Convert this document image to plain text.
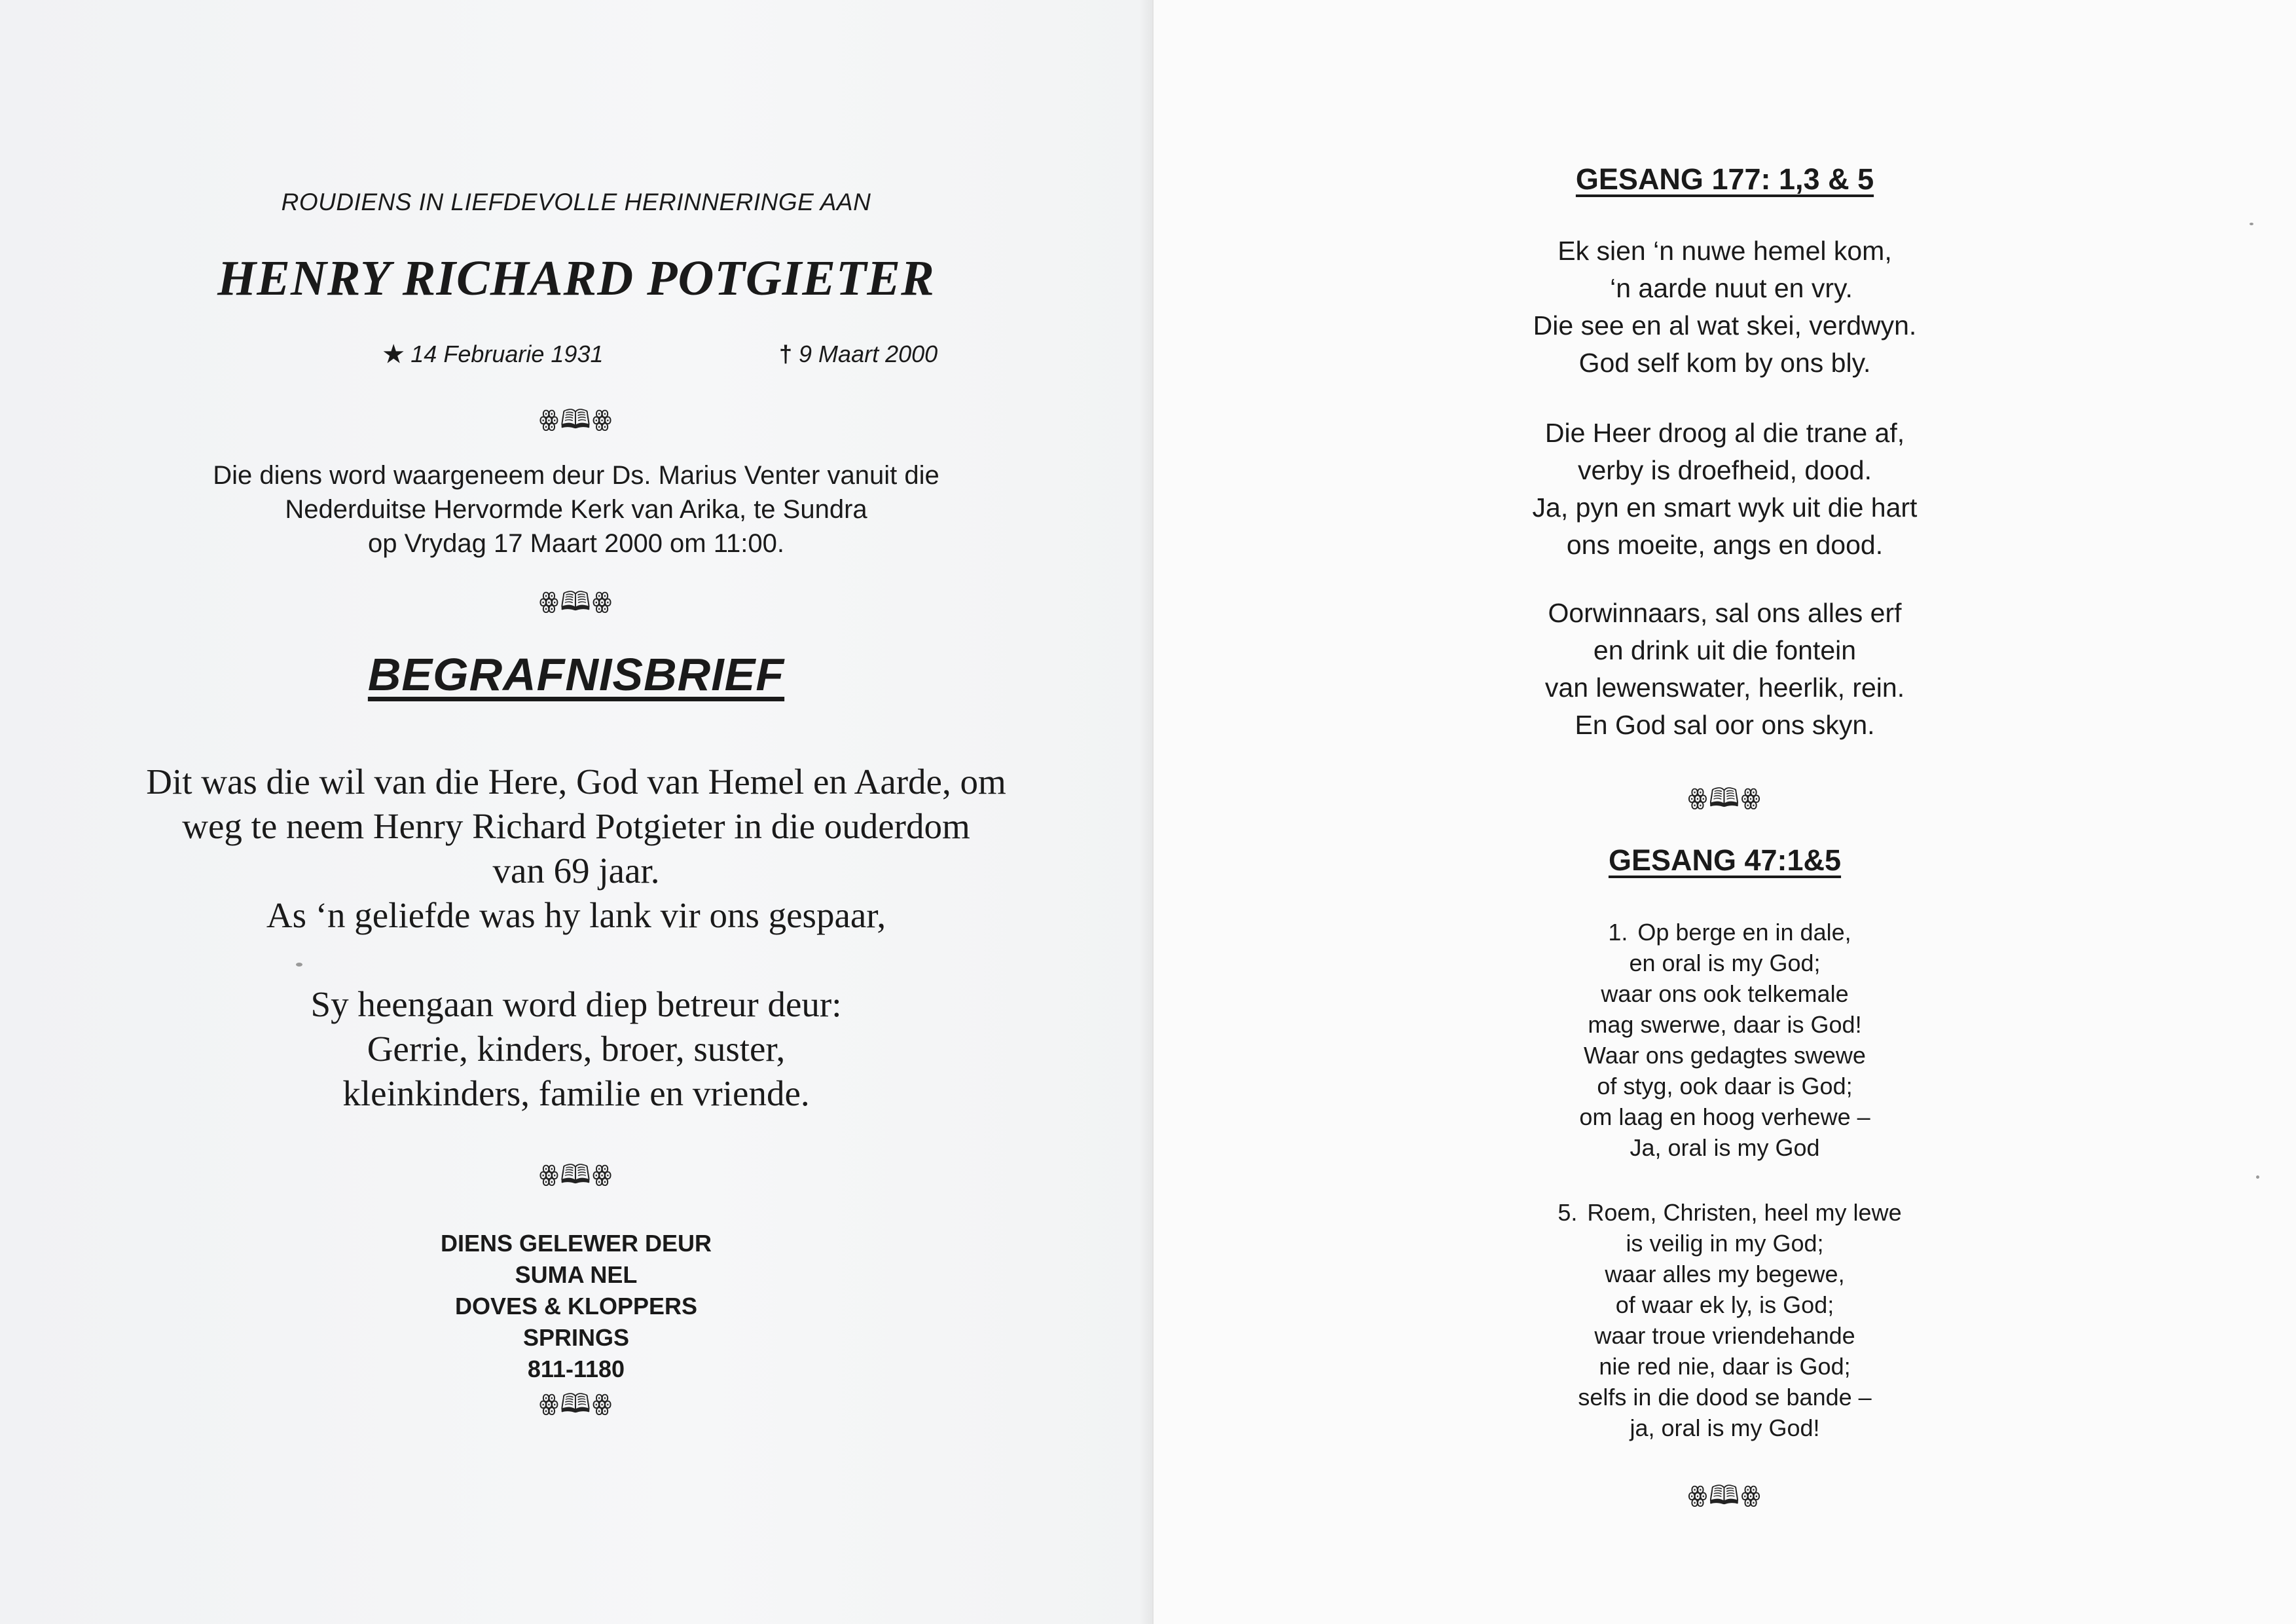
ROUDIENS IN LIEFDEVOLLE HERINNERINGE AAN
HENRY RICHARD POTGIETER
★ 14 Februarie 1931	† 9 Maart 2000
ꙮ🕮ꙮ
Die diens word waargeneem deur Ds. Marius Venter vanuit die
Nederduitse Hervormde Kerk van Arika, te Sundra
op Vrydag 17 Maart 2000 om 11:00.
ꙮ🕮ꙮ
BEGRAFNISBRIEF
Dit was die wil van die Here, God van Hemel en Aarde, om
weg te neem Henry Richard Potgieter in die ouderdom
van 69 jaar.
As ‘n geliefde was hy lank vir ons gespaar,
Sy heengaan word diep betreur deur:
Gerrie, kinders, broer, suster,
kleinkinders, familie en vriende.
ꙮ🕮ꙮ
DIENS GELEWER DEUR
SUMA NEL
DOVES & KLOPPERS
SPRINGS
811-1180
ꙮ🕮ꙮ
GESANG 177: 1,3 & 5
Ek sien ‘n nuwe hemel kom,
‘n aarde nuut en vry.
Die see en al wat skei, verdwyn.
God self kom by ons bly.
Die Heer droog al die trane af,
verby is droefheid, dood.
Ja, pyn en smart wyk uit die hart
ons moeite, angs en dood.
Oorwinnaars, sal ons alles erf
en drink uit die fontein
van lewenswater, heerlik, rein.
En God sal oor ons skyn.
ꙮ🕮ꙮ
GESANG 47:1&5
1. Op berge en in dale,
en oral is my God;
waar ons ook telkemale
mag swerwe, daar is God!
Waar ons gedagtes swewe
of styg, ook daar is God;
om laag en hoog verhewe –
Ja, oral is my God
5. Roem, Christen, heel my lewe
is veilig in my God;
waar alles my begewe,
of waar ek ly, is God;
waar troue vriendehande
nie red nie, daar is God;
selfs in die dood se bande –
ja, oral is my God!
ꙮ🕮ꙮ
